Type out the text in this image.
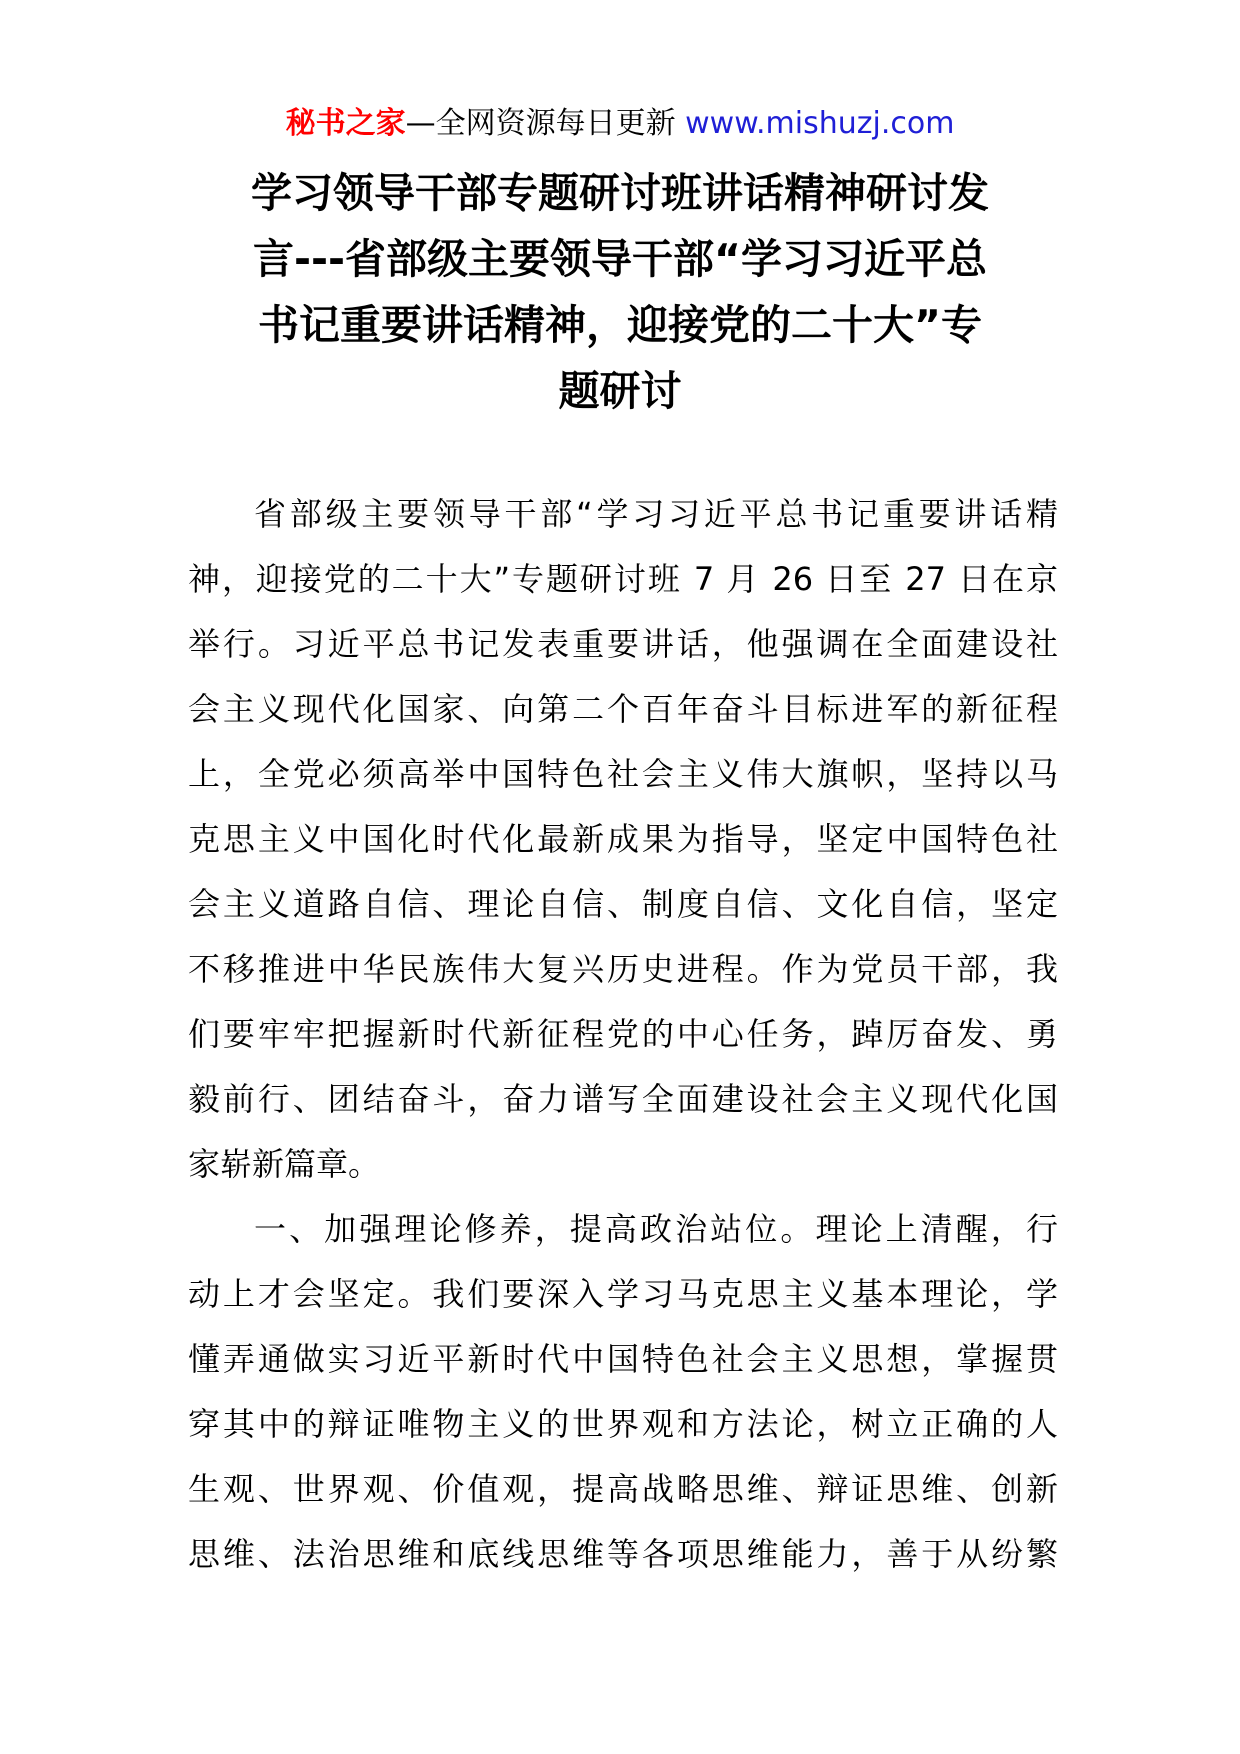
秘书之家—全网资源每日更新 www.mishuzj.com
学习领导干部专题研讨班讲话精神研讨发
言---省部级主要领导干部“学习习近平总
书记重要讲话精神，迎接党的二十大”专
题研讨

省部级主要领导干部“学习习近平总书记重要讲话精
神，迎接党的二十大”专题研讨班 7 月 26 日至 27 日在京
举行。习近平总书记发表重要讲话，他强调在全面建设社
会主义现代化国家、向第二个百年奋斗目标进军的新征程
上，全党必须高举中国特色社会主义伟大旗帜，坚持以马
克思主义中国化时代化最新成果为指导，坚定中国特色社
会主义道路自信、理论自信、制度自信、文化自信，坚定
不移推进中华民族伟大复兴历史进程。作为党员干部，我
们要牢牢把握新时代新征程党的中心任务，踔厉奋发、勇
毅前行、团结奋斗，奋力谱写全面建设社会主义现代化国
家崭新篇章。

一、加强理论修养，提高政治站位。理论上清醒，行
动上才会坚定。我们要深入学习马克思主义基本理论，学
懂弄通做实习近平新时代中国特色社会主义思想，掌握贯
穿其中的辩证唯物主义的世界观和方法论，树立正确的人
生观、世界观、价值观，提高战略思维、辩证思维、创新
思维、法治思维和底线思维等各项思维能力，善于从纷繁
